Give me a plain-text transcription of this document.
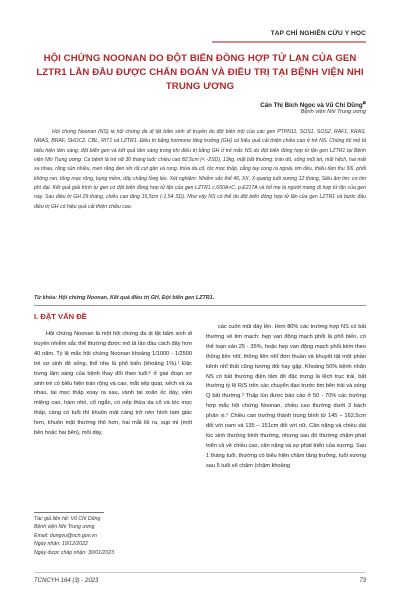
TẠP CHÍ NGHIÊN CỨU Y HỌC
HỘI CHỨNG NOONAN DO ĐỘT BIẾN ĐỒNG HỢP TỬ LẠN CỦA GEN LZTR1 LẦN ĐẦU ĐƯỢC CHẨN ĐOÁN VÀ ĐIỀU TRỊ TẠI BỆNH VIỆN NHI TRUNG ƯƠNG
Cấn Thị Bích Ngọc và Vũ Chí Dũng⊠
Bệnh viện Nhi Trung ương
Hội chứng Noonan (NS) là hội chứng đa dị tật bẩm sinh di truyền do đột biến trội của các gen PTPN11, SOS1, SOS2, RAF1, KRAS, NRAS, BRAF, SHOC2, CBL, RIT1 và LZTR1. Điều trị bằng hormone tăng trưởng (GH) có hiệu quả cải thiện chiều cao ở trẻ NS. Chúng tôi mô tả biểu hiện lâm sàng, đột biến gen và kết quả lâm sàng trong khi điều trị bằng GH ở trẻ mắc NS do đột biến đồng hợp tử lặn gen LZTR1 tại Bệnh viện Nhi Trung ương. Ca bệnh là trẻ nữ 30 tháng tuổi: chiều cao 82,5cm (< -2SD), 13kg, mặt bất thường: trán dô, sống mũi tẹt, mũi hếch, hai mắt xa nhau, răng sún nhiều, men răng đen xỉn rối cụt gân và rụng, thừa da cổ, tóc mọc thấp, cẳng tay cong ra ngoài, tim đều, thiểu tâm thu 3/6, phổi không ran, tổng mạc rộng, bụng mềm, dây chằng lỏng lẻo. Xét nghiệm: Nhiễm sắc thể 46, XX; X-quang tuổi xương 12 tháng, Siêu âm tim: cơ tim phì đại. Kết quả giải trình tự gen có đột biến đồng hợp tử lặn của gen LZTR1 c.650A>C, p.E217A và bố mẹ là người mang dị hợp tử lặn của gen này. Sau điều trị GH 29 tháng, chiều cao tăng 15,5cm (-1,54 SD). Như vậy NS có thể do đột biến đồng hợp tử lặn của gen LZTR1 và bước đầu điều trị GH có hiệu quả cải thiện chiều cao.
Từ khóa: Hội chứng Noonan, Kết quả điều trị GH, Đột biến gen LZTR1.
I. ĐẶT VẤN ĐỀ
Hội chứng Noonan là một hội chứng đa dị tật bẩm sinh di truyền nhiễm sắc thể thường được mô tả lần đầu cách đây hơn 40 năm. Tỷ lệ mắc hội chứng Noonan khoảng 1/1000 - 1/2500 trẻ sơ sinh đẻ sống, thể nhẹ là phổ biến (khoảng 1%).¹ Đặc trưng lâm sàng của bệnh thay đổi theo tuổi:² ở giai đoạn sơ sinh trẻ có biểu hiện trán rộng và cao, mắt xếp quạt, xếch và xa nhau, tai mọc thấp xoay ra sau, vành tai xoăn ốc dày, viền miệng cao, hàm nhỏ, cổ ngắn, có nếp thừa da cổ và tóc mọc thấp, càng có tuổi thì khuôn mặt càng trở nên hình tam giác hơn, khuôn mặt thường thô hơn, hai mắt lồi ra, sụp mi (một bên hoặc hai bên), môi dày,
các cuốn mũi dày lên. Hơn 80% các trường hợp NS có bất thường về tim mạch: hẹp van động mạch phổi là phổ biến, có thể loạn sản 25 - 35%, hoặc hẹp van động mạch phổi kèm theo thông liên nhĩ, thông liên nhĩ đơn thuần và khuyết tật một phần kênh nhĩ thất cũng tương đối hay gặp. Khoảng 50% bệnh nhân NS có bất thường điện tâm đồ đặc trưng là lệch trục trái, bất thường tỷ lệ R/S trên các chuyển đạo trước tim bên trái và sóng Q bất thường.³ Thấp lùn được báo cáo ở 50 - 70% các trường hợp mắc hội chứng Noonan, chiều cao thường dưới 3 bách phân vị.⁴ Chiều cao trưởng thành trung bình từ 145 – 162,5cm đối với nam và 135 – 151cm đối với nữ. Cân nặng và chiều dài lúc sinh thường bình thường, nhưng sau đó thường chậm phát triển cả về chiều cao, cân nặng và sự phát triển của xương. Sau 1 tháng tuổi, thường có biểu hiện chậm tăng trưởng, tuổi xương sau 5 tuổi sẽ chậm (chậm khoảng
Tác giả liên hệ: Vũ Chí Dũng
Bệnh viện Nhi Trung ương
Email: dungvu@nch.gov.vn
Ngày nhận: 19/12/2022
Ngày được chấp nhận: 30/01/2023
TCNCYH 164 (3) - 2023	73
